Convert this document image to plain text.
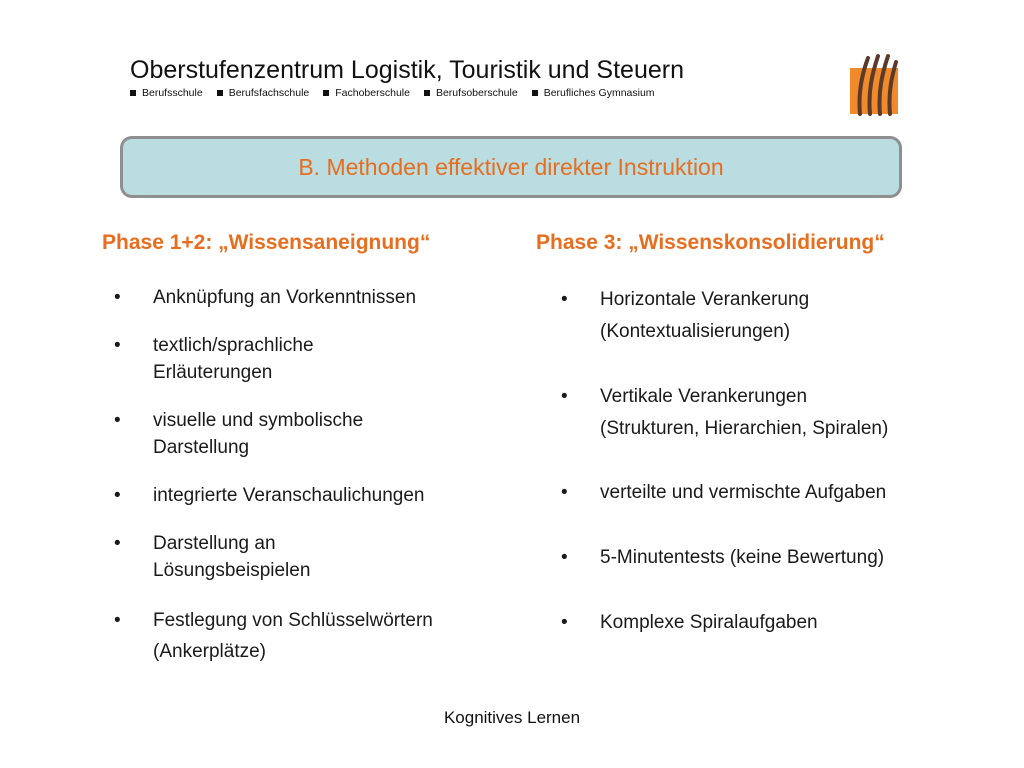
Oberstufenzentrum Logistik, Touristik und Steuern
Berufsschule Berufsfachschule Fachoberschule Berufsoberschule Berufliches Gymnasium
B. Methoden effektiver direkter Instruktion
Phase 1+2: „Wissensaneignung“	Phase 3: „Wissenskonsolidierung“
• Anknüpfung an Vorkenntnissen
• textlich/sprachliche
Erläuterungen
• visuelle und symbolische
Darstellung
• integrierte Veranschaulichungen
• Darstellung an
Lösungsbeispielen
• Festlegung von Schlüsselwörtern
(Ankerplätze)
• Horizontale Verankerung
(Kontextualisierungen)
• Vertikale Verankerungen
(Strukturen, Hierarchien, Spiralen)
• verteilte und vermischte Aufgaben
• 5-Minutentests (keine Bewertung)
• Komplexe Spiralaufgaben
Kognitives Lernen
